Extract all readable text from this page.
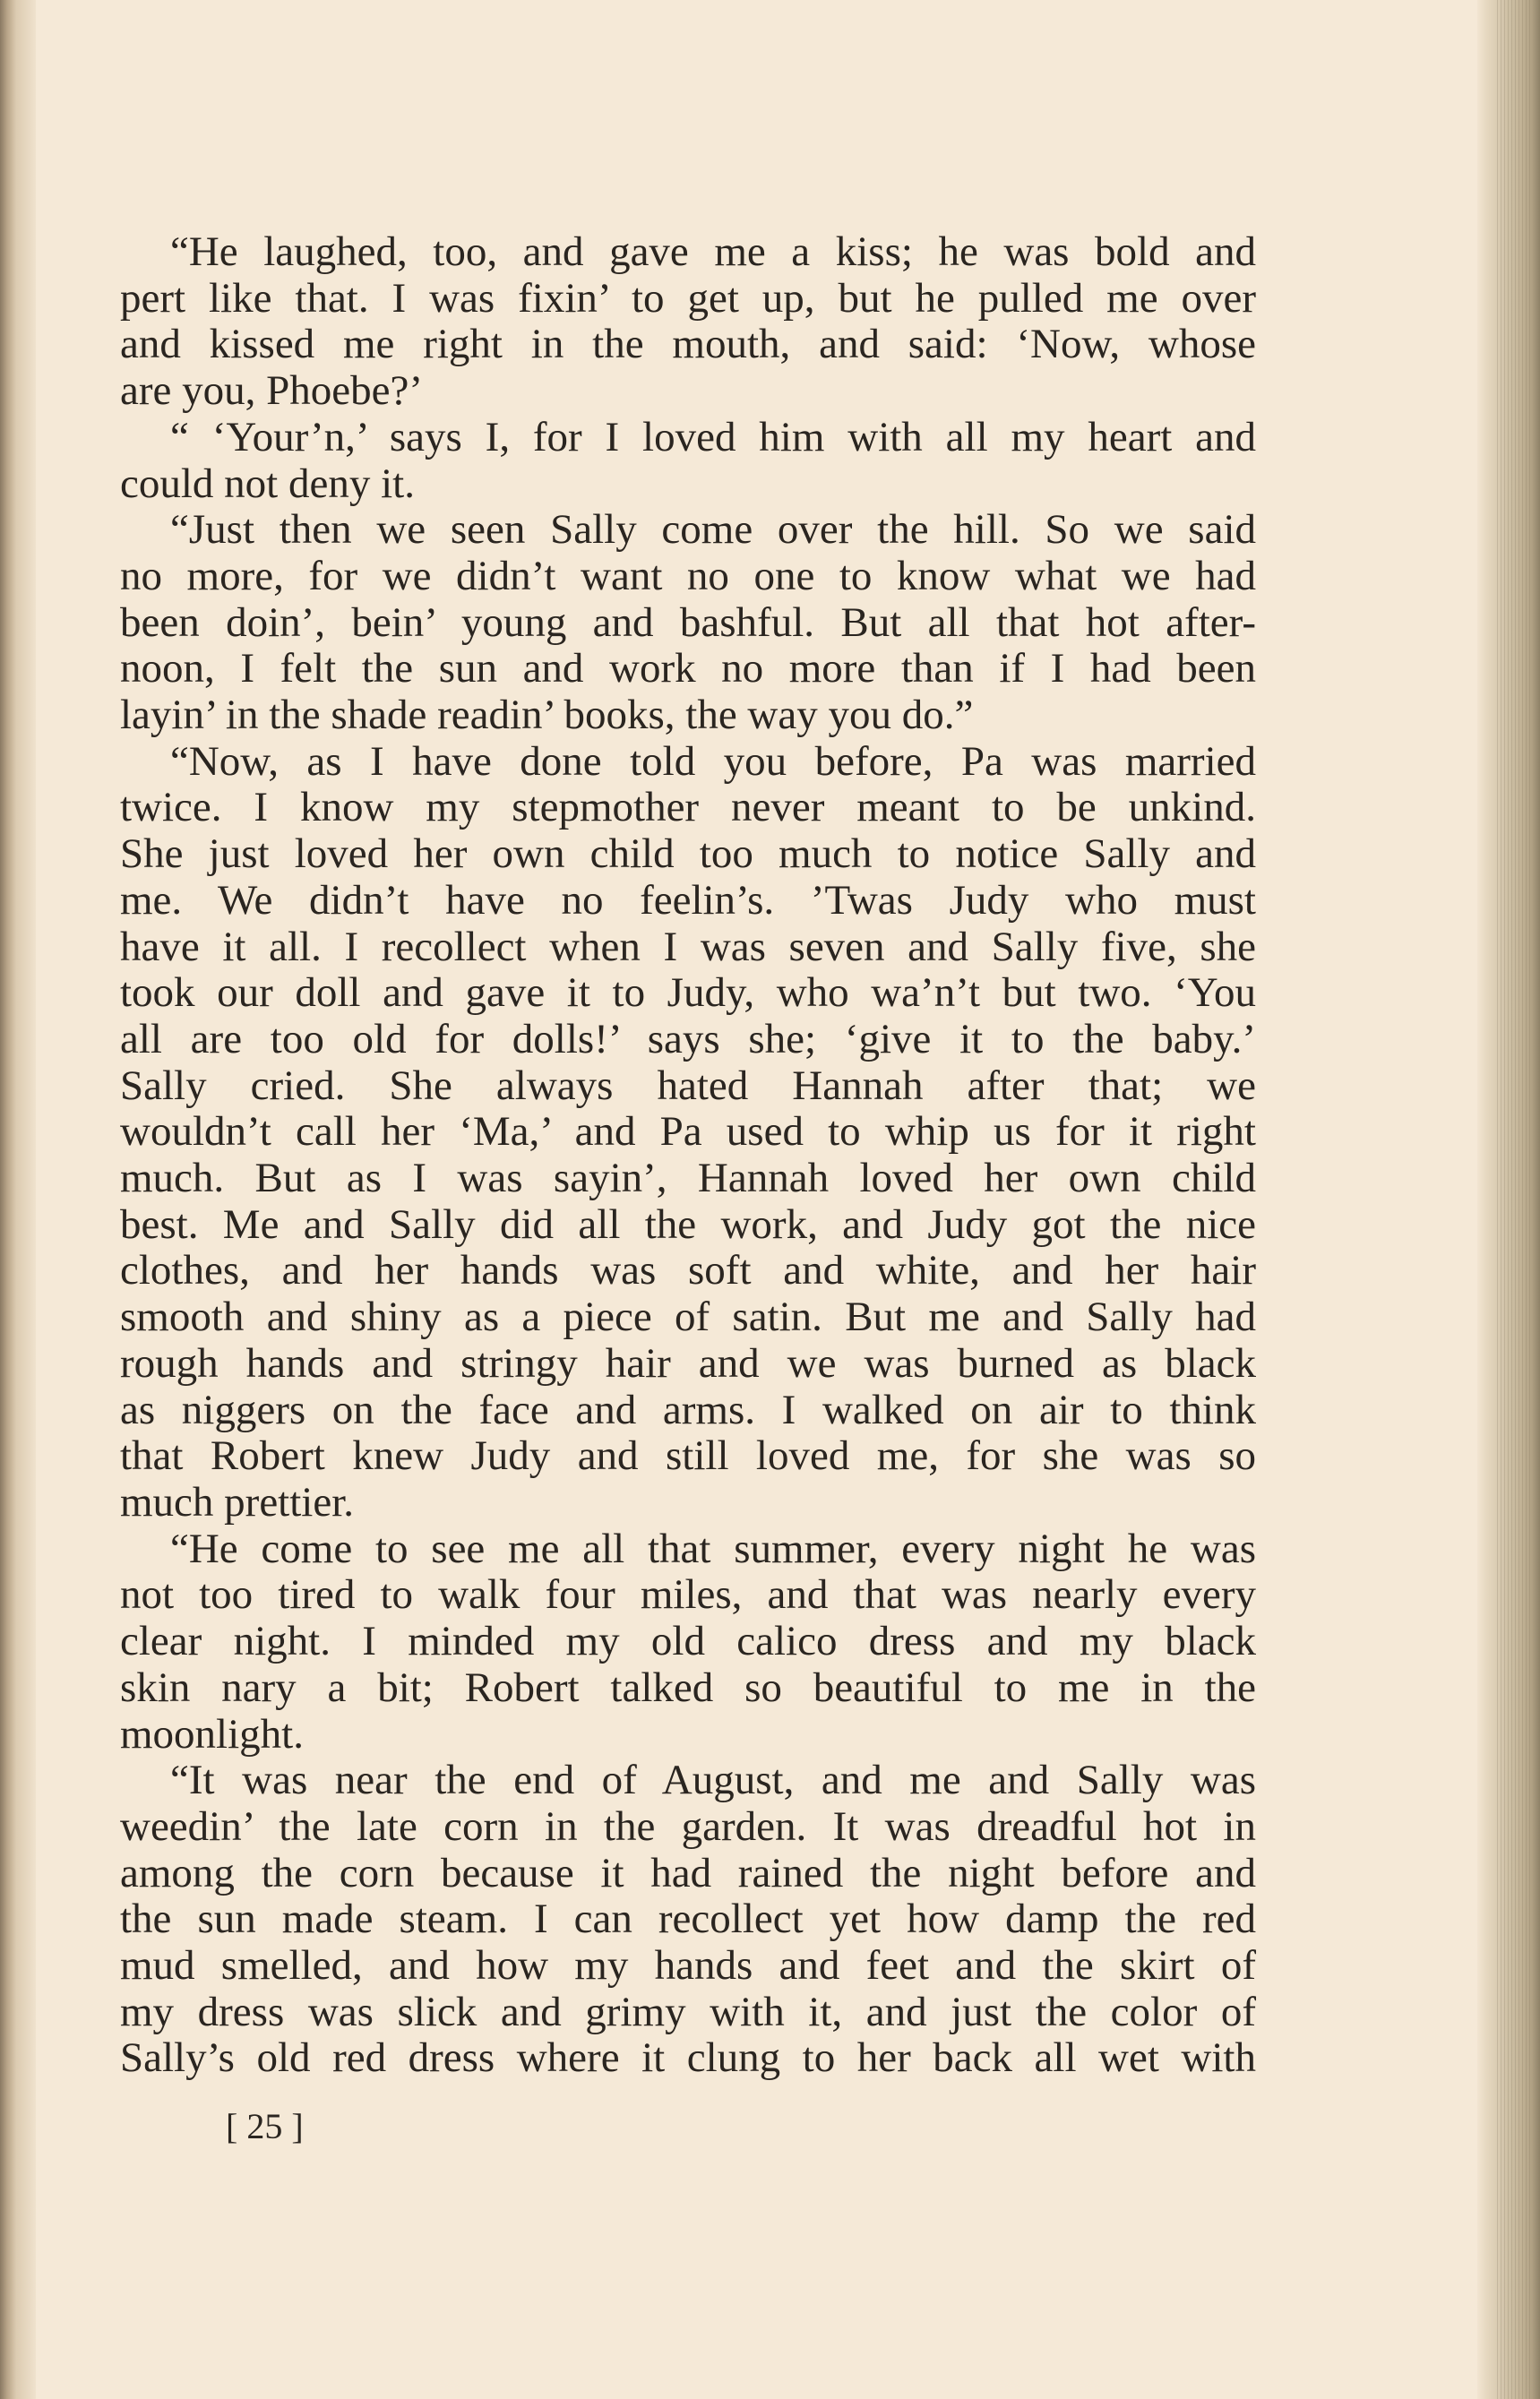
“He laughed, too, and gave me a kiss; he was bold and
pert like that. I was fixin’ to get up, but he pulled me over
and kissed me right in the mouth, and said: ‘Now, whose
are you, Phoebe?’
“ ‘Your’n,’ says I, for I loved him with all my heart and
could not deny it.
“Just then we seen Sally come over the hill. So we said
no more, for we didn’t want no one to know what we had
been doin’, bein’ young and bashful. But all that hot after-
noon, I felt the sun and work no more than if I had been
layin’ in the shade readin’ books, the way you do.”
“Now, as I have done told you before, Pa was married
twice. I know my stepmother never meant to be unkind.
She just loved her own child too much to notice Sally and
me. We didn’t have no feelin’s. ’Twas Judy who must
have it all. I recollect when I was seven and Sally five, she
took our doll and gave it to Judy, who wa’n’t but two. ‘You
all are too old for dolls!’ says she; ‘give it to the baby.’
Sally cried. She always hated Hannah after that; we
wouldn’t call her ‘Ma,’ and Pa used to whip us for it right
much. But as I was sayin’, Hannah loved her own child
best. Me and Sally did all the work, and Judy got the nice
clothes, and her hands was soft and white, and her hair
smooth and shiny as a piece of satin. But me and Sally had
rough hands and stringy hair and we was burned as black
as niggers on the face and arms. I walked on air to think
that Robert knew Judy and still loved me, for she was so
much prettier.
“He come to see me all that summer, every night he was
not too tired to walk four miles, and that was nearly every
clear night. I minded my old calico dress and my black
skin nary a bit; Robert talked so beautiful to me in the
moonlight.
“It was near the end of August, and me and Sally was
weedin’ the late corn in the garden. It was dreadful hot in
among the corn because it had rained the night before and
the sun made steam. I can recollect yet how damp the red
mud smelled, and how my hands and feet and the skirt of
my dress was slick and grimy with it, and just the color of
Sally’s old red dress where it clung to her back all wet with
[ 25 ]
